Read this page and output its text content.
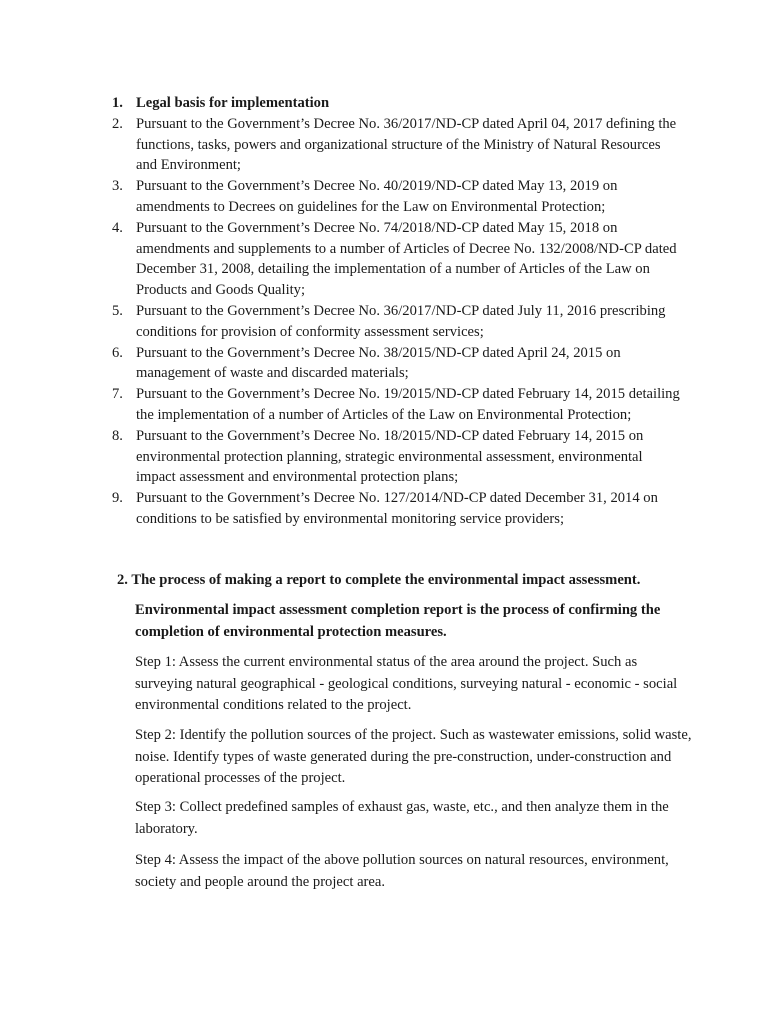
1. Legal basis for implementation
2. Pursuant to the Government’s Decree No. 36/2017/ND-CP dated April 04, 2017 defining the functions, tasks, powers and organizational structure of the Ministry of Natural Resources and Environment;
3. Pursuant to the Government’s Decree No. 40/2019/ND-CP dated May 13, 2019 on amendments to Decrees on guidelines for the Law on Environmental Protection;
4. Pursuant to the Government’s Decree No. 74/2018/ND-CP dated May 15, 2018 on amendments and supplements to a number of Articles of Decree No. 132/2008/ND-CP dated December 31, 2008, detailing the implementation of a number of Articles of the Law on Products and Goods Quality;
5. Pursuant to the Government’s Decree No. 36/2017/ND-CP dated July 11, 2016 prescribing conditions for provision of conformity assessment services;
6. Pursuant to the Government’s Decree No. 38/2015/ND-CP dated April 24, 2015 on management of waste and discarded materials;
7. Pursuant to the Government’s Decree No. 19/2015/ND-CP dated February 14, 2015 detailing the implementation of a number of Articles of the Law on Environmental Protection;
8. Pursuant to the Government’s Decree No. 18/2015/ND-CP dated February 14, 2015 on environmental protection planning, strategic environmental assessment, environmental impact assessment and environmental protection plans;
9. Pursuant to the Government’s Decree No. 127/2014/ND-CP dated December 31, 2014 on conditions to be satisfied by environmental monitoring service providers;
2. The process of making a report to complete the environmental impact assessment.
Environmental impact assessment completion report is the process of confirming the completion of environmental protection measures.
Step 1: Assess the current environmental status of the area around the project. Such as surveying natural geographical - geological conditions, surveying natural - economic - social environmental conditions related to the project.
Step 2: Identify the pollution sources of the project. Such as wastewater emissions, solid waste, noise. Identify types of waste generated during the pre-construction, under-construction and operational processes of the project.
Step 3: Collect predefined samples of exhaust gas, waste, etc., and then analyze them in the laboratory.
Step 4: Assess the impact of the above pollution sources on natural resources, environment, society and people around the project area.
